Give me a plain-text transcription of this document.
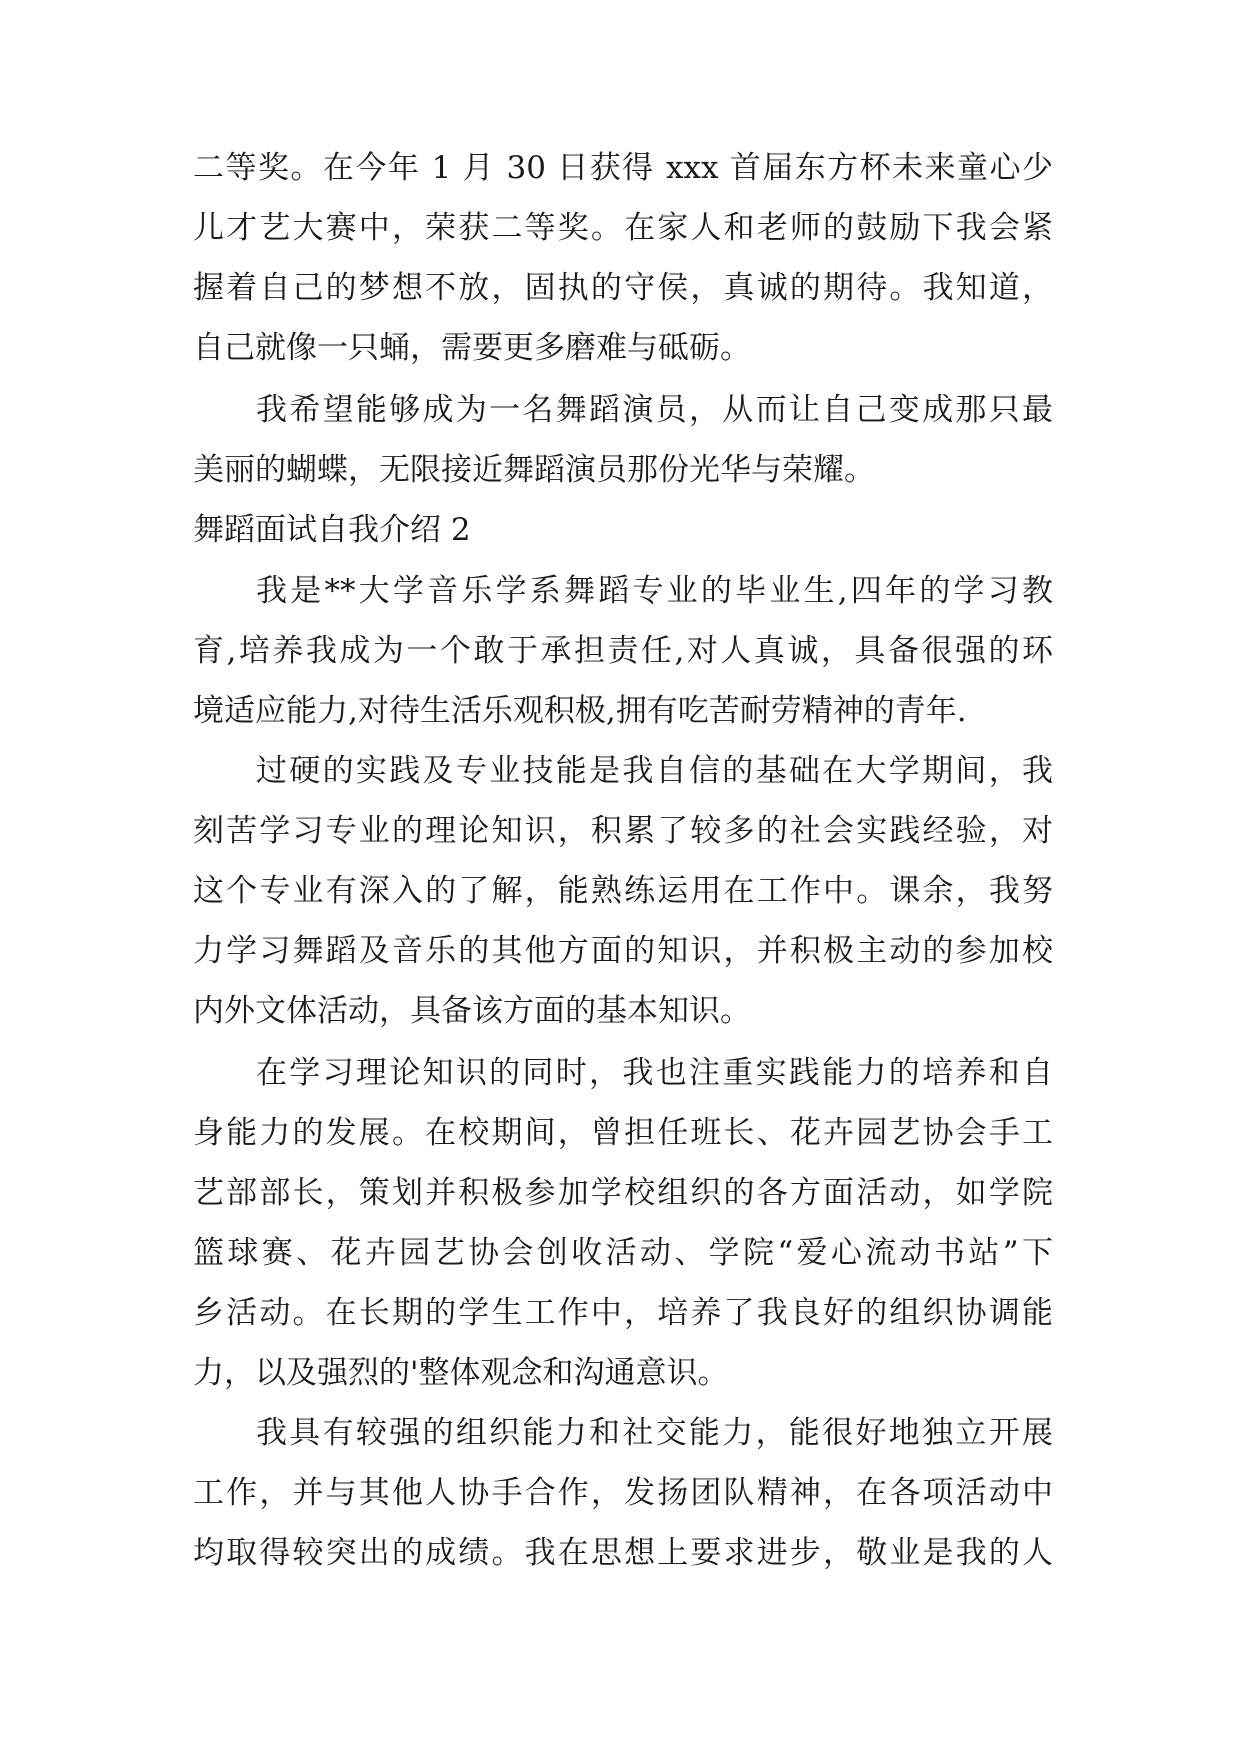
二等奖。在今年 1 月 30 日获得 xxx 首届东方杯未来童心少
儿才艺大赛中，荣获二等奖。在家人和老师的鼓励下我会紧
握着自己的梦想不放，固执的守侯，真诚的期待。我知道，
自己就像一只蛹，需要更多磨难与砥砺。
我希望能够成为一名舞蹈演员，从而让自己变成那只最
美丽的蝴蝶，无限接近舞蹈演员那份光华与荣耀。
舞蹈面试自我介绍 2
我是**大学音乐学系舞蹈专业的毕业生,四年的学习教
育,培养我成为一个敢于承担责任,对人真诚，具备很强的环
境适应能力,对待生活乐观积极,拥有吃苦耐劳精神的青年.
过硬的实践及专业技能是我自信的基础在大学期间，我
刻苦学习专业的理论知识，积累了较多的社会实践经验，对
这个专业有深入的了解，能熟练运用在工作中。课余，我努
力学习舞蹈及音乐的其他方面的知识，并积极主动的参加校
内外文体活动，具备该方面的基本知识。
在学习理论知识的同时，我也注重实践能力的培养和自
身能力的发展。在校期间，曾担任班长、花卉园艺协会手工
艺部部长，策划并积极参加学校组织的各方面活动，如学院
篮球赛、花卉园艺协会创收活动、学院“爱心流动书站”下
乡活动。在长期的学生工作中，培养了我良好的组织协调能
力，以及强烈的'整体观念和沟通意识。
我具有较强的组织能力和社交能力，能很好地独立开展
工作，并与其他人协手合作，发扬团队精神，在各项活动中
均取得较突出的成绩。我在思想上要求进步，敬业是我的人
